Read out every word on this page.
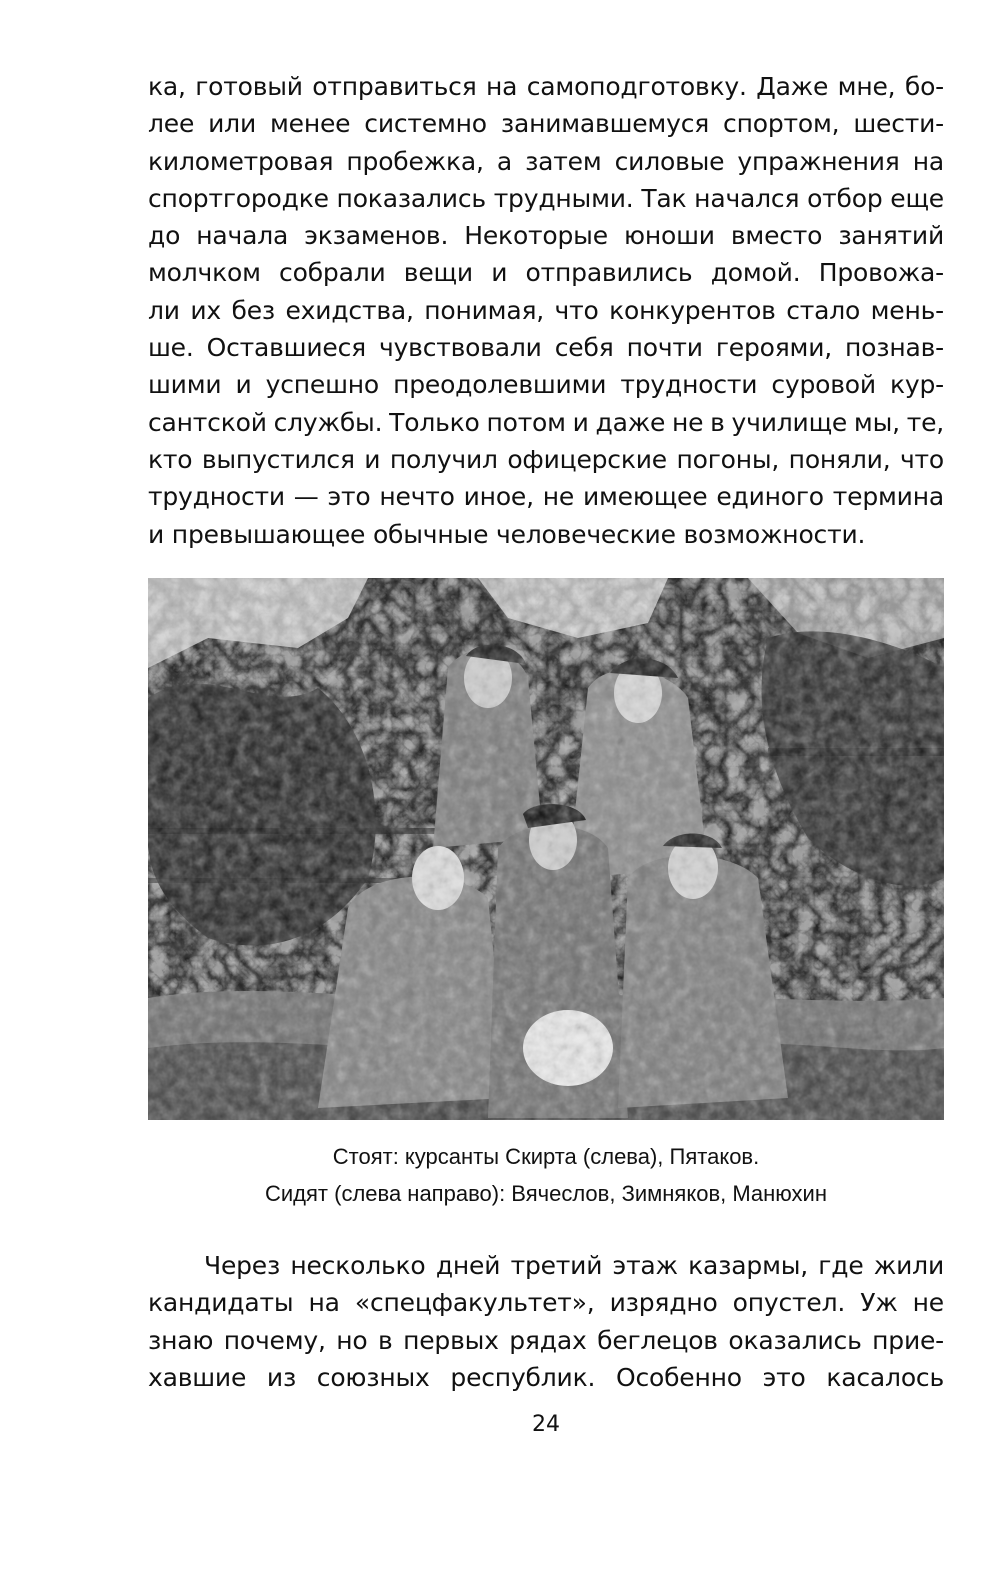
ка, готовый отправиться на самоподготовку. Даже мне, бо-
лее или менее системно занимавшемуся спортом, шести-
километровая пробежка, а затем силовые упражнения на
спортгородке показались трудными. Так начался отбор еще
до начала экзаменов. Некоторые юноши вместо занятий
молчком собрали вещи и отправились домой. Провожа-
ли их без ехидства, понимая, что конкурентов стало мень-
ше. Оставшиеся чувствовали себя почти героями, познав-
шими и успешно преодолевшими трудности суровой кур-
сантской службы. Только потом и даже не в училище мы, те,
кто выпустился и получил офицерские погоны, поняли, что
трудности — это нечто иное, не имеющее единого термина
и превышающее обычные человеческие возможности.

Стоят: курсанты Скирта (слева), Пятаков.

Сидят (слева направо): Вячеслов, Зимняков, Манюхин

Через несколько дней третий этаж казармы, где жили
кандидаты на «спецфакультет», изрядно опустел. Уж не
знаю почему, но в первых рядах беглецов оказались прие-
хавшие из союзных республик. Особенно это касалось
24
